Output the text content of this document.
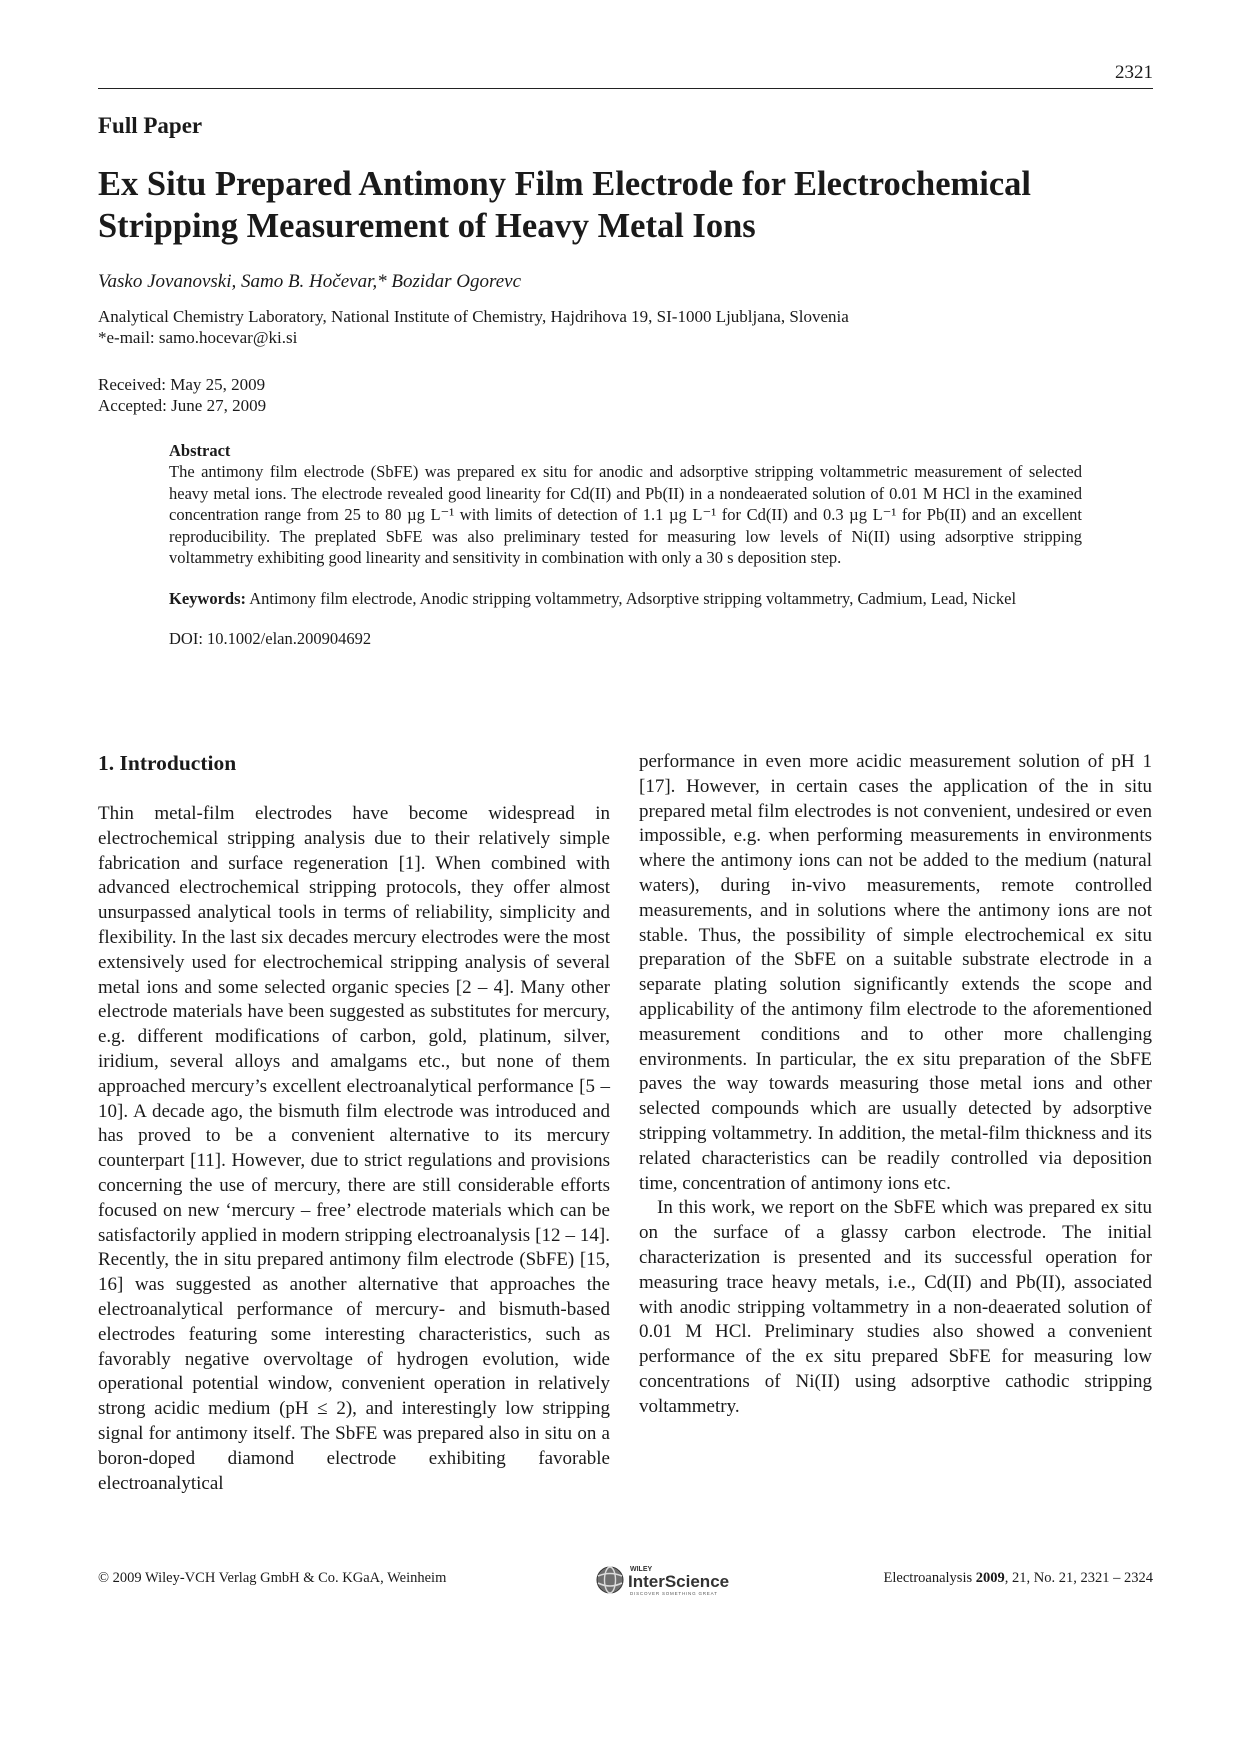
2321
Full Paper
Ex Situ Prepared Antimony Film Electrode for Electrochemical Stripping Measurement of Heavy Metal Ions
Vasko Jovanovski, Samo B. Hočevar,* Bozidar Ogorevc
Analytical Chemistry Laboratory, National Institute of Chemistry, Hajdrihova 19, SI-1000 Ljubljana, Slovenia
*e-mail: samo.hocevar@ki.si
Received: May 25, 2009
Accepted: June 27, 2009
Abstract

The antimony film electrode (SbFE) was prepared ex situ for anodic and adsorptive stripping voltammetric measurement of selected heavy metal ions. The electrode revealed good linearity for Cd(II) and Pb(II) in a nondeaerated solution of 0.01 M HCl in the examined concentration range from 25 to 80 µg L⁻¹ with limits of detection of 1.1 µg L⁻¹ for Cd(II) and 0.3 µg L⁻¹ for Pb(II) and an excellent reproducibility. The preplated SbFE was also preliminary tested for measuring low levels of Ni(II) using adsorptive stripping voltammetry exhibiting good linearity and sensitivity in combination with only a 30 s deposition step.

Keywords: Antimony film electrode, Anodic stripping voltammetry, Adsorptive stripping voltammetry, Cadmium, Lead, Nickel
DOI: 10.1002/elan.200904692
1. Introduction

Thin metal-film electrodes have become widespread in electrochemical stripping analysis due to their relatively simple fabrication and surface regeneration [1]. When combined with advanced electrochemical stripping protocols, they offer almost unsurpassed analytical tools in terms of reliability, simplicity and flexibility. In the last six decades mercury electrodes were the most extensively used for electrochemical stripping analysis of several metal ions and some selected organic species [2 – 4]. Many other electrode materials have been suggested as substitutes for mercury, e.g. different modifications of carbon, gold, platinum, silver, iridium, several alloys and amalgams etc., but none of them approached mercury’s excellent electroanalytical performance [5 – 10]. A decade ago, the bismuth film electrode was introduced and has proved to be a convenient alternative to its mercury counterpart [11]. However, due to strict regulations and provisions concerning the use of mercury, there are still considerable efforts focused on new ‘mercury – free’ electrode materials which can be satisfactorily applied in modern stripping electroanalysis [12 – 14]. Recently, the in situ prepared antimony film electrode (SbFE) [15, 16] was suggested as another alternative that approaches the electroanalytical performance of mercury- and bismuth-based electrodes featuring some interesting characteristics, such as favorably negative overvoltage of hydrogen evolution, wide operational potential window, convenient operation in relatively strong acidic medium (pH ≤ 2), and interestingly low stripping signal for antimony itself. The SbFE was prepared also in situ on a boron-doped diamond electrode exhibiting favorable electroanalytical

performance in even more acidic measurement solution of pH 1 [17]. However, in certain cases the application of the in situ prepared metal film electrodes is not convenient, undesired or even impossible, e.g. when performing measurements in environments where the antimony ions can not be added to the medium (natural waters), during in-vivo measurements, remote controlled measurements, and in solutions where the antimony ions are not stable. Thus, the possibility of simple electrochemical ex situ preparation of the SbFE on a suitable substrate electrode in a separate plating solution significantly extends the scope and applicability of the antimony film electrode to the aforementioned measurement conditions and to other more challenging environments. In particular, the ex situ preparation of the SbFE paves the way towards measuring those metal ions and other selected compounds which are usually detected by adsorptive stripping voltammetry. In addition, the metal-film thickness and its related characteristics can be readily controlled via deposition time, concentration of antimony ions etc.

In this work, we report on the SbFE which was prepared ex situ on the surface of a glassy carbon electrode. The initial characterization is presented and its successful operation for measuring trace heavy metals, i.e., Cd(II) and Pb(II), associated with anodic stripping voltammetry in a non-deaerated solution of 0.01 M HCl. Preliminary studies also showed a convenient performance of the ex situ prepared SbFE for measuring low concentrations of Ni(II) using adsorptive cathodic stripping voltammetry.

© 2009 Wiley-VCH Verlag GmbH & Co. KGaA, Weinheim
WILEY
InterScience
DISCOVER SOMETHING GREAT
Electroanalysis 2009, 21, No. 21, 2321 – 2324
